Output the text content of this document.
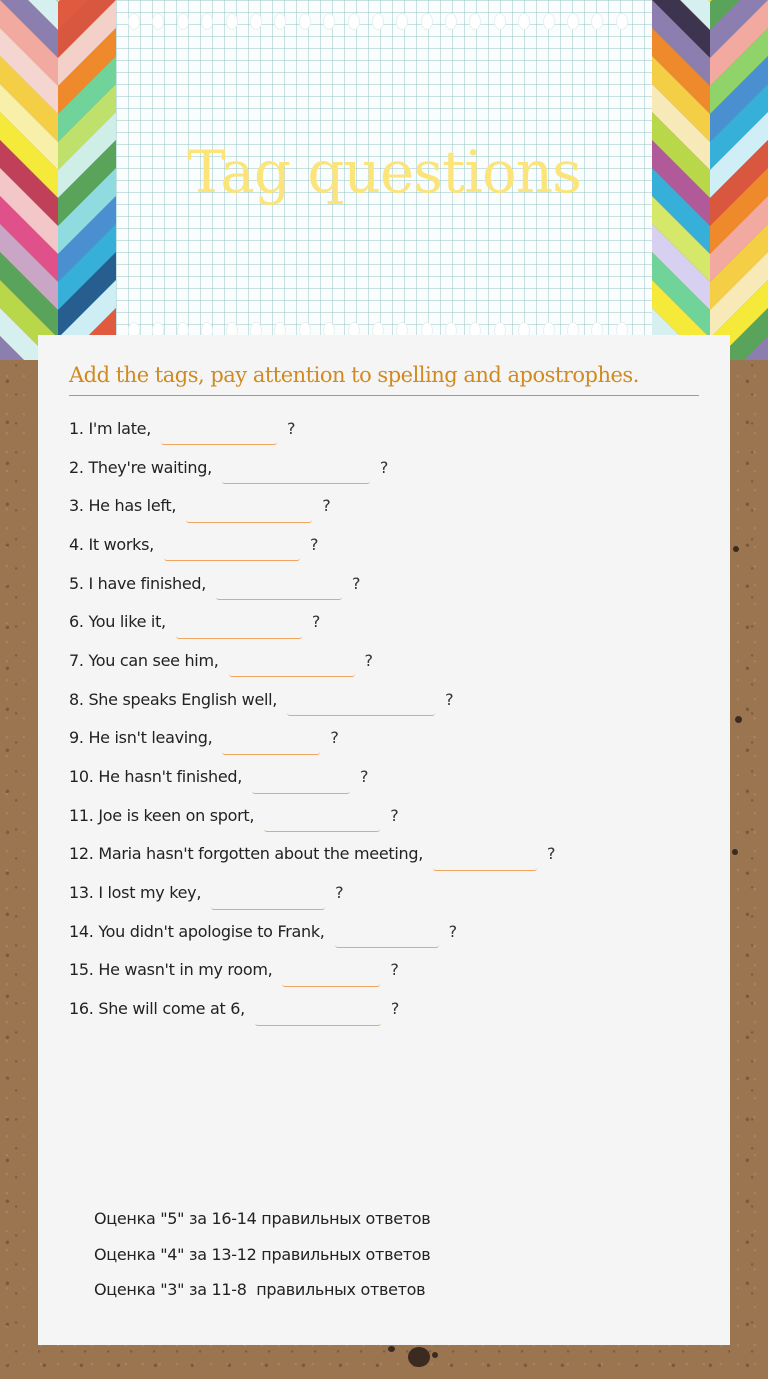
Tag questions
Add the tags, pay attention to spelling and apostrophes.
1. I'm late,	?
2. They're waiting,	?
3. He has left,	?
4. It works,	?
5. I have finished,	?
6. You like it,	?
7. You can see him,	?
8. She speaks English well,	?
9. He isn't leaving,	?
10. He hasn't finished,	?
11. Joe is keen on sport,	?
12. Maria hasn't forgotten about the meeting,	?
13. I lost my key,	?
14. You didn't apologise to Frank,	?
15. He wasn't in my room,	?
16. She will come at 6,	?
Оценка "5" за 16-14 правильных ответов
Оценка "4" за 13-12 правильных ответов
Оценка "3" за 11-8  правильных ответов
